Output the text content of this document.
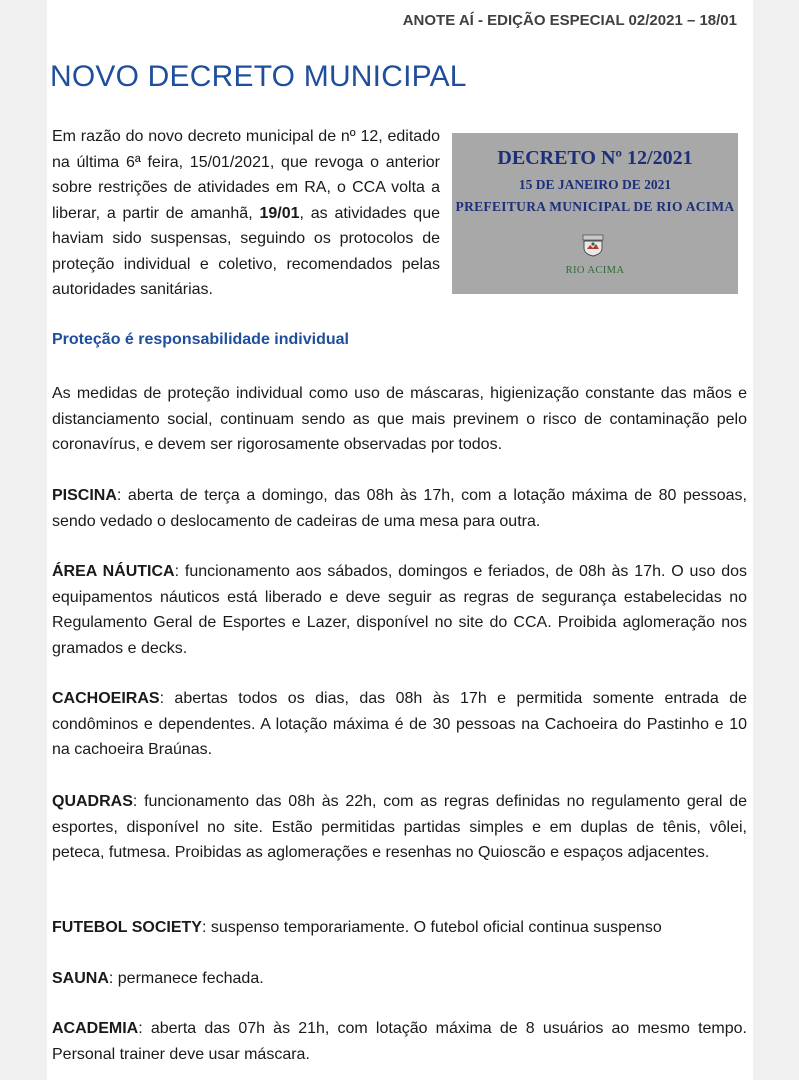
ANOTE AÍ - EDIÇÃO ESPECIAL 02/2021 – 18/01
NOVO DECRETO MUNICIPAL

Em razão do novo decreto municipal de nº 12, editado na última 6ª feira, 15/01/2021, que revoga o anterior sobre restrições de atividades em RA, o CCA volta a liberar, a partir de amanhã, 19/01, as atividades que haviam sido suspensas, seguindo os protocolos de proteção individual e coletivo, recomendados pelas autoridades sanitárias.

DECRETO Nº 12/2021
15 DE JANEIRO DE 2021
PREFEITURA MUNICIPAL DE RIO ACIMA
RIO ACIMA
Proteção é responsabilidade individual

As medidas de proteção individual como uso de máscaras, higienização constante das mãos e distanciamento social, continuam sendo as que mais previnem o risco de contaminação pelo coronavírus, e devem ser rigorosamente observadas por todos.

PISCINA: aberta de terça a domingo, das 08h às 17h, com a lotação máxima de 80 pessoas, sendo vedado o deslocamento de cadeiras de uma mesa para outra.

ÁREA NÁUTICA: funcionamento aos sábados, domingos e feriados, de 08h às 17h. O uso dos equipamentos náuticos está liberado e deve seguir as regras de segurança estabelecidas no Regulamento Geral de Esportes e Lazer, disponível no site do CCA. Proibida aglomeração nos gramados e decks.

CACHOEIRAS: abertas todos os dias, das 08h às 17h e permitida somente entrada de condôminos e dependentes. A lotação máxima é de 30 pessoas na Cachoeira do Pastinho e 10 na cachoeira Braúnas.

QUADRAS: funcionamento das 08h às 22h, com as regras definidas no regulamento geral de esportes, disponível no site. Estão permitidas partidas simples e em duplas de tênis, vôlei, peteca, futmesa. Proibidas as aglomerações e resenhas no Quioscão e espaços adjacentes.

FUTEBOL SOCIETY: suspenso temporariamente. O futebol oficial continua suspenso

SAUNA: permanece fechada.

ACADEMIA: aberta das 07h às 21h, com lotação máxima de 8 usuários ao mesmo tempo. Personal trainer deve usar máscara.
